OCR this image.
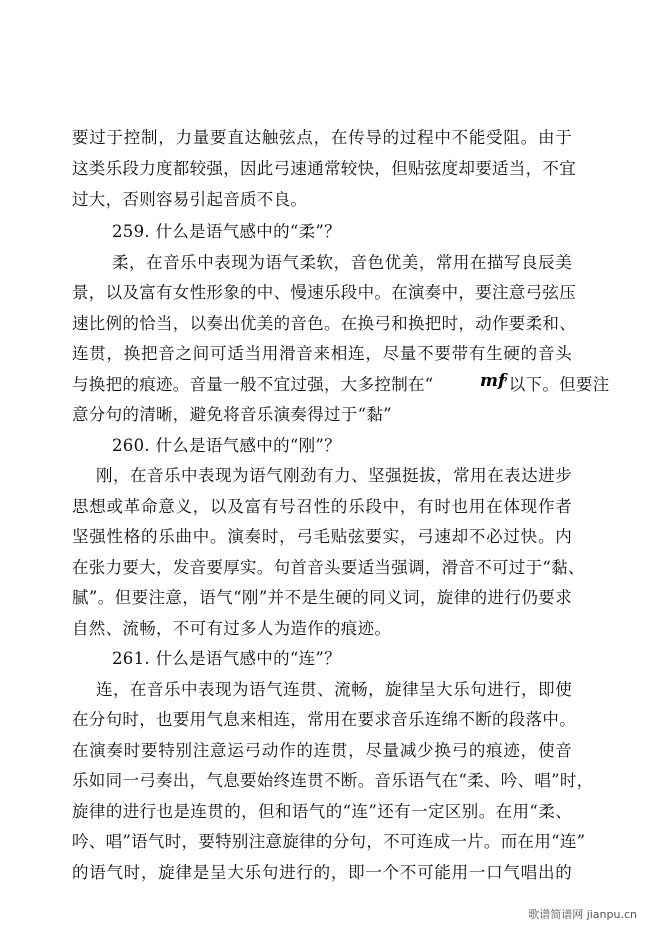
要过于控制，力量要直达触弦点，在传导的过程中不能受阻。由于
这类乐段力度都较强，因此弓速通常较快，但贴弦度却要适当，不宜
过大，否则容易引起音质不良。
259. 什么是语气感中的“柔”？
柔，在音乐中表现为语气柔软，音色优美，常用在描写良辰美
景，以及富有女性形象的中、慢速乐段中。在演奏中，要注意弓弦压
速比例的恰当，以奏出优美的音色。在换弓和换把时，动作要柔和、
连贯，换把音之间可适当用滑音来相连，尽量不要带有生硬的音头
与换把的痕迹。音量一般不宜过强，大多控制在“	mf
”以下。但要注
意分句的清晰，避免将音乐演奏得过于“黏”
260. 什么是语气感中的“刚”？
刚，在音乐中表现为语气刚劲有力、坚强挺拔，常用在表达进步
思想或革命意义，以及富有号召性的乐段中，有时也用在体现作者
坚强性格的乐曲中。演奏时，弓毛贴弦要实，弓速却不必过快。内
在张力要大，发音要厚实。句首音头要适当强调，滑音不可过于“黏、
腻”。但要注意，语气“刚”并不是生硬的同义词，旋律的进行仍要求
自然、流畅，不可有过多人为造作的痕迹。
261. 什么是语气感中的“连”？
连，在音乐中表现为语气连贯、流畅，旋律呈大乐句进行，即使
在分句时，也要用气息来相连，常用在要求音乐连绵不断的段落中。
在演奏时要特别注意运弓动作的连贯，尽量减少换弓的痕迹，使音
乐如同一弓奏出，气息要始终连贯不断。音乐语气在“柔、吟、唱”时，
旋律的进行也是连贯的，但和语气的“连”还有一定区别。在用“柔、
吟、唱”语气时，要特别注意旋律的分句，不可连成一片。而在用“连”
的语气时，旋律是呈大乐句进行的，即一个不可能用一口气唱出的
歌谱简谱网 jianpu.cn
